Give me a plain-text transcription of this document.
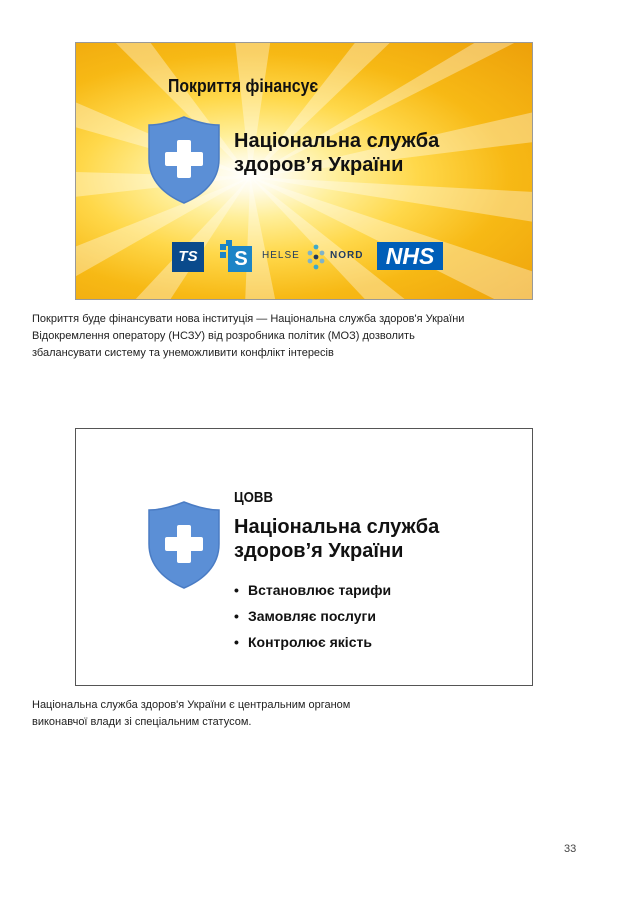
Покриття фінансує
Національна служба
здоров’я України
TS	S	HELSE	NORD NHS
Покриття буде фінансувати нова інституція — Національна служба здоров'я України
Відокремлення оператору (НСЗУ) від розробника політик (МОЗ) дозволить
збалансувати систему та унеможливити конфлікт інтересів
ЦОВВ
Національна служба
здоров’я України
• Встановлює тарифи
• Замовляє послуги
• Контролює якість
Національна служба здоров'я України є центральним органом
виконавчої влади зі спеціальним статусом.
33
